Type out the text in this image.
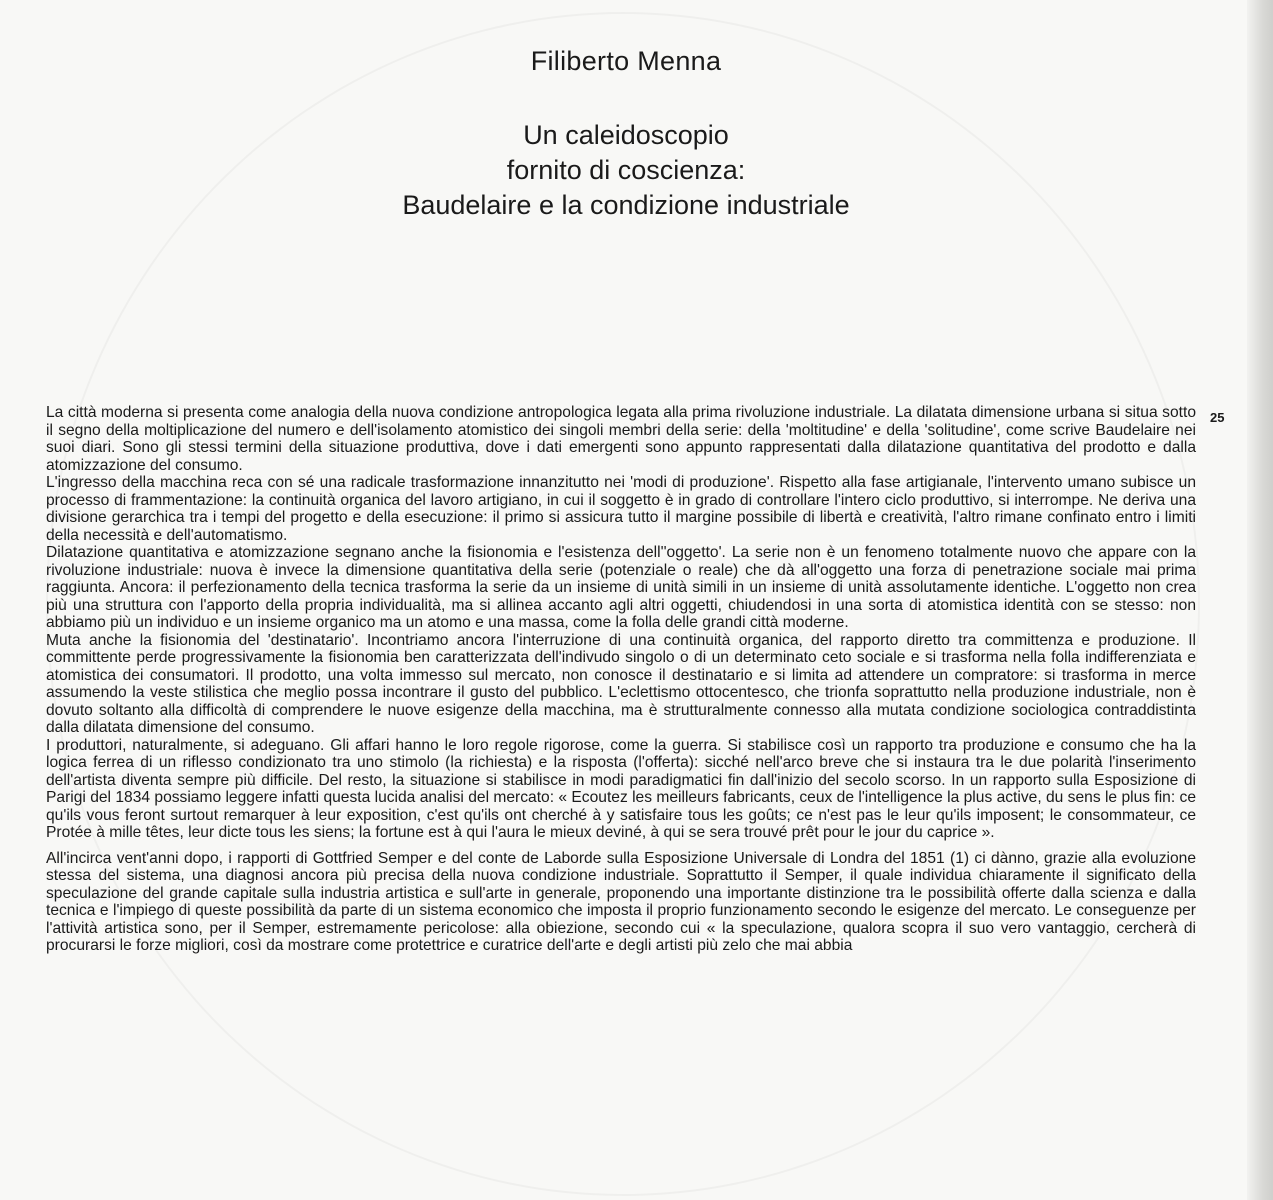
Filiberto Menna
Un caleidoscopio
fornito di coscienza:
Baudelaire e la condizione industriale
25

La città moderna si presenta come analogia della nuova condizione antropologica legata alla prima rivoluzione industriale. La dilatata dimensione urbana si situa sotto il segno della moltiplicazione del numero e dell'isolamento atomistico dei singoli membri della serie: della 'moltitudine' e della 'solitudine', come scrive Baudelaire nei suoi diari. Sono gli stessi termini della situazione produttiva, dove i dati emergenti sono appunto rappresentati dalla dilatazione quantitativa del prodotto e dalla atomizzazione del consumo.

L'ingresso della macchina reca con sé una radicale trasformazione innanzitutto nei 'modi di produzione'. Rispetto alla fase artigianale, l'intervento umano subisce un processo di frammentazione: la continuità organica del lavoro artigiano, in cui il soggetto è in grado di controllare l'intero ciclo produttivo, si interrompe. Ne deriva una divisione gerarchica tra i tempi del progetto e della esecuzione: il primo si assicura tutto il margine possibile di libertà e creatività, l'altro rimane confinato entro i limiti della necessità e dell'automatismo.

Dilatazione quantitativa e atomizzazione segnano anche la fisionomia e l'esistenza dell''oggetto'. La serie non è un fenomeno totalmente nuovo che appare con la rivoluzione industriale: nuova è invece la dimensione quantitativa della serie (potenziale o reale) che dà all'oggetto una forza di penetrazione sociale mai prima raggiunta. Ancora: il perfezionamento della tecnica trasforma la serie da un insieme di unità simili in un insieme di unità assolutamente identiche. L'oggetto non crea più una struttura con l'apporto della propria individualità, ma si allinea accanto agli altri oggetti, chiudendosi in una sorta di atomistica identità con se stesso: non abbiamo più un individuo e un insieme organico ma un atomo e una massa, come la folla delle grandi città moderne.

Muta anche la fisionomia del 'destinatario'. Incontriamo ancora l'interruzione di una continuità organica, del rapporto diretto tra committenza e produzione. Il committente perde progressivamente la fisionomia ben caratterizzata dell'indivudo singolo o di un determinato ceto sociale e si trasforma nella folla indifferenziata e atomistica dei consumatori. Il prodotto, una volta immesso sul mercato, non conosce il destinatario e si limita ad attendere un compratore: si trasforma in merce assumendo la veste stilistica che meglio possa incontrare il gusto del pubblico. L'eclettismo ottocentesco, che trionfa soprattutto nella produzione industriale, non è dovuto soltanto alla difficoltà di comprendere le nuove esigenze della macchina, ma è strutturalmente connesso alla mutata condizione sociologica contraddistinta dalla dilatata dimensione del consumo.

I produttori, naturalmente, si adeguano. Gli affari hanno le loro regole rigorose, come la guerra. Si stabilisce così un rapporto tra produzione e consumo che ha la logica ferrea di un riflesso condizionato tra uno stimolo (la richiesta) e la risposta (l'offerta): sicché nell'arco breve che si instaura tra le due polarità l'inserimento dell'artista diventa sempre più difficile. Del resto, la situazione si stabilisce in modi paradigmatici fin dall'inizio del secolo scorso. In un rapporto sulla Esposizione di Parigi del 1834 possiamo leggere infatti questa lucida analisi del mercato: « Ecoutez les meilleurs fabricants, ceux de l'intelligence la plus active, du sens le plus fin: ce qu'ils vous feront surtout remarquer à leur exposition, c'est qu'ils ont cherché à y satisfaire tous les goûts; ce n'est pas le leur qu'ils imposent; le consommateur, ce Protée à mille têtes, leur dicte tous les siens; la fortune est à qui l'aura le mieux deviné, à qui se sera trouvé prêt pour le jour du caprice ».

All'incirca vent'anni dopo, i rapporti di Gottfried Semper e del conte de Laborde sulla Esposizione Universale di Londra del 1851 (1) ci dànno, grazie alla evoluzione stessa del sistema, una diagnosi ancora più precisa della nuova condizione industriale. Soprattutto il Semper, il quale individua chiaramente il significato della speculazione del grande capitale sulla industria artistica e sull'arte in generale, proponendo una importante distinzione tra le possibilità offerte dalla scienza e dalla tecnica e l'impiego di queste possibilità da parte di un sistema economico che imposta il proprio funzionamento secondo le esigenze del mercato. Le conseguenze per l'attività artistica sono, per il Semper, estremamente pericolose: alla obiezione, secondo cui « la speculazione, qualora scopra il suo vero vantaggio, cercherà di procurarsi le forze migliori, così da mostrare come protettrice e curatrice dell'arte e degli artisti più zelo che mai abbia
